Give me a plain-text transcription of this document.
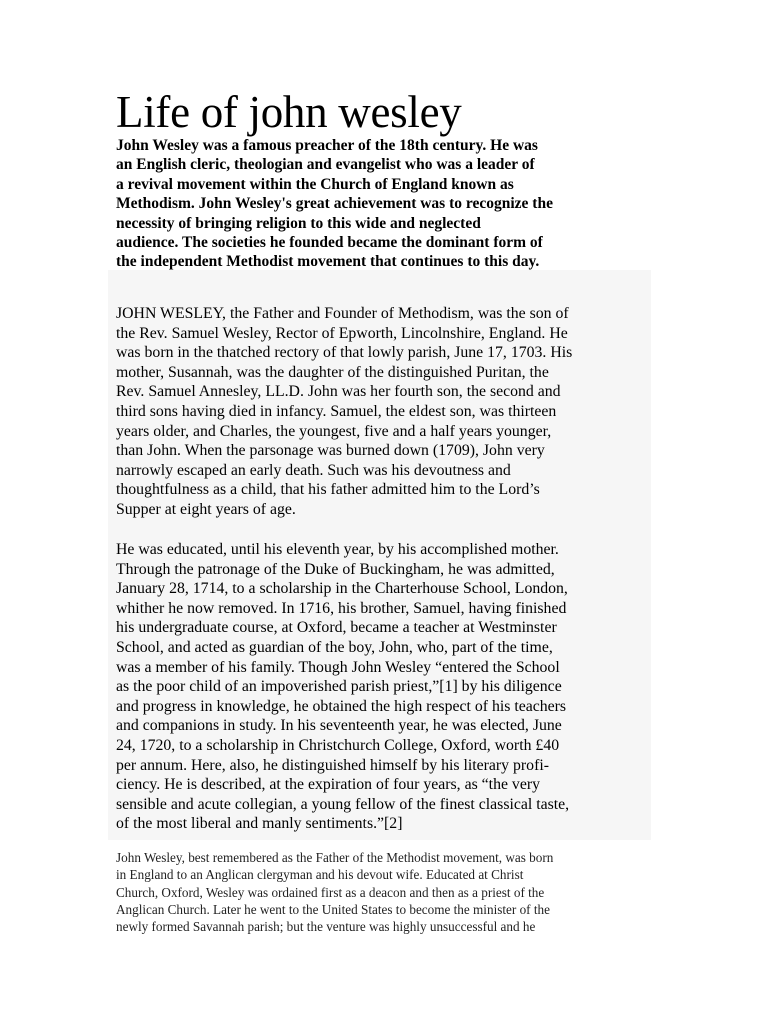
Life of john wesley

John Wesley was a famous preacher of the 18th century. He was
an English cleric, theologian and evangelist who was a leader of
a revival movement within the Church of England known as
Methodism. John Wesley's great achievement was to recognize the
necessity of bringing religion to this wide and neglected
audience. The societies he founded became the dominant form of
the independent Methodist movement that continues to this day.

JOHN WESLEY, the Father and Founder of Methodism, was the son of
the Rev. Samuel Wesley, Rector of Epworth, Lincolnshire, England. He
was born in the thatched rectory of that lowly parish, June 17, 1703. His
mother, Susannah, was the daughter of the distinguished Puritan, the
Rev. Samuel Annesley, LL.D. John was her fourth son, the second and
third sons having died in infancy. Samuel, the eldest son, was thirteen
years older, and Charles, the youngest, five and a half years younger,
than John. When the parsonage was burned down (1709), John very
narrowly escaped an early death. Such was his devoutness and
thoughtfulness as a child, that his father admitted him to the Lord’s
Supper at eight years of age.

He was educated, until his eleventh year, by his accomplished mother.
Through the patronage of the Duke of Buckingham, he was admitted,
January 28, 1714, to a scholarship in the Charterhouse School, London,
whither he now removed. In 1716, his brother, Samuel, having finished
his undergraduate course, at Oxford, became a teacher at Westminster
School, and acted as guardian of the boy, John, who, part of the time,
was a member of his family. Though John Wesley “entered the School
as the poor child of an impoverished parish priest,”[1] by his diligence
and progress in knowledge, he obtained the high respect of his teachers
and companions in study. In his seventeenth year, he was elected, June
24, 1720, to a scholarship in Christchurch College, Oxford, worth £40
per annum. Here, also, he distinguished himself by his literary profi-
ciency. He is described, at the expiration of four years, as “the very
sensible and acute collegian, a young fellow of the finest classical taste,
of the most liberal and manly sentiments.”[2]

John Wesley, best remembered as the Father of the Methodist movement, was born
in England to an Anglican clergyman and his devout wife. Educated at Christ
Church, Oxford, Wesley was ordained first as a deacon and then as a priest of the
Anglican Church. Later he went to the United States to become the minister of the
newly formed Savannah parish; but the venture was highly unsuccessful and he
